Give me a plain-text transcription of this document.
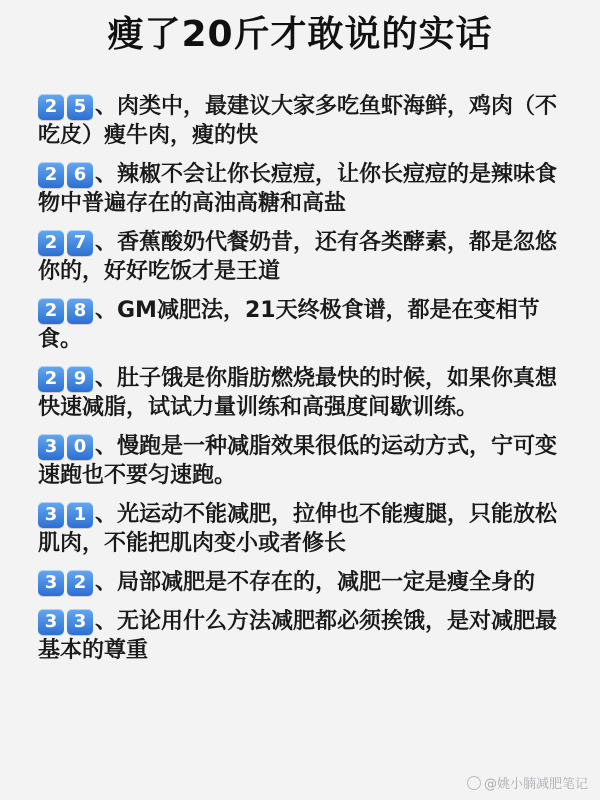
瘦了20斤才敢说的实话

2 5 、肉类中，最建议大家多吃鱼虾海鲜，鸡肉（不吃皮）瘦牛肉，瘦的快

2 6 、辣椒不会让你长痘痘，让你长痘痘的是辣味食物中普遍存在的高油高糖和高盐

2 7 、香蕉酸奶代餐奶昔，还有各类酵素，都是忽悠你的，好好吃饭才是王道

2 8 、GM减肥法，21天终极食谱，都是在变相节食。

2 9 、肚子饿是你脂肪燃烧最快的时候，如果你真想快速减脂，试试力量训练和高强度间歇训练。

3 0 、慢跑是一种减脂效果很低的运动方式，宁可变速跑也不要匀速跑。

3 1 、光运动不能减肥，拉伸也不能瘦腿，只能放松肌肉，不能把肌肉变小或者修长

3 2 、局部减肥是不存在的，减肥一定是瘦全身的

3 3 、无论用什么方法减肥都必须挨饿，是对减肥最基本的尊重

@姚小腩减肥笔记
